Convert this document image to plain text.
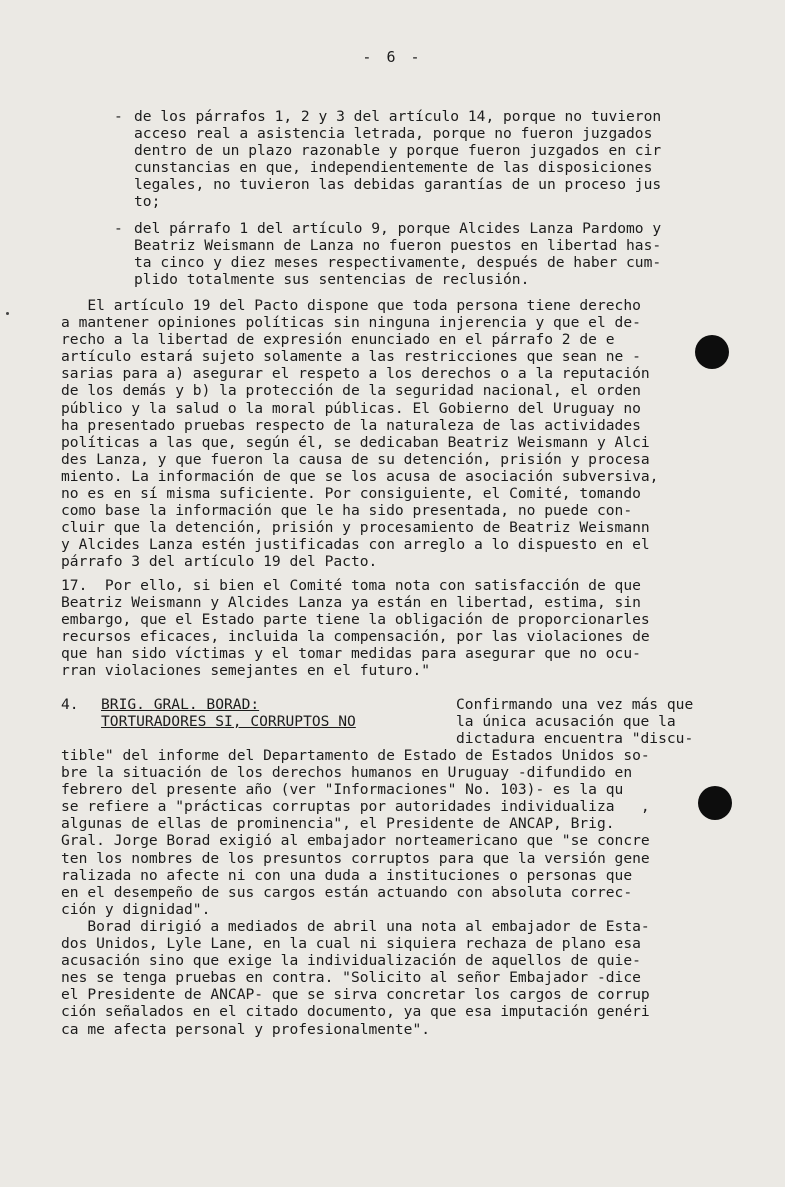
- 6 -
- de los párrafos 1, 2 y 3 del artículo 14, porque no tuvieron
acceso real a asistencia letrada, porque no fueron juzgados
dentro de un plazo razonable y porque fueron juzgados en cir
cunstancias en que, independientemente de las disposiciones
legales, no tuvieron las debidas garantías de un proceso jus
to;
- del párrafo 1 del artículo 9, porque Alcides Lanza Pardomo y
Beatriz Weismann de Lanza no fueron puestos en libertad has-
ta cinco y diez meses respectivamente, después de haber cum-
plido totalmente sus sentencias de reclusión.
El artículo 19 del Pacto dispone que toda persona tiene derecho
a mantener opiniones políticas sin ninguna injerencia y que el de-
recho a la libertad de expresión enunciado en el párrafo 2 de e
artículo estará sujeto solamente a las restricciones que sean ne -
sarias para a) asegurar el respeto a los derechos o a la reputación
de los demás y b) la protección de la seguridad nacional, el orden
público y la salud o la moral públicas. El Gobierno del Uruguay no
ha presentado pruebas respecto de la naturaleza de las actividades
políticas a las que, según él, se dedicaban Beatriz Weismann y Alci
des Lanza, y que fueron la causa de su detención, prisión y procesa
miento. La información de que se los acusa de asociación subversiva,
no es en sí misma suficiente. Por consiguiente, el Comité, tomando
como base la información que le ha sido presentada, no puede con-
cluir que la detención, prisión y procesamiento de Beatriz Weismann
y Alcides Lanza estén justificadas con arreglo a lo dispuesto en el
párrafo 3 del artículo 19 del Pacto.
17.  Por ello, si bien el Comité toma nota con satisfacción de que
Beatriz Weismann y Alcides Lanza ya están en libertad, estima, sin
embargo, que el Estado parte tiene la obligación de proporcionarles
recursos eficaces, incluida la compensación, por las violaciones de
que han sido víctimas y el tomar medidas para asegurar que no ocu-
rran violaciones semejantes en el futuro."
4. BRIG. GRAL. BORAD:
TORTURADORES SI, CORRUPTOS NO
Confirmando una vez más que
la única acusación que la
dictadura encuentra "discu-
tible" del informe del Departamento de Estado de Estados Unidos so-
bre la situación de los derechos humanos en Uruguay -difundido en
febrero del presente año (ver "Informaciones" No. 103)- es la qu
se refiere a "prácticas corruptas por autoridades individualiza   ,
algunas de ellas de prominencia", el Presidente de ANCAP, Brig.
Gral. Jorge Borad exigió al embajador norteamericano que "se concre
ten los nombres de los presuntos corruptos para que la versión gene
ralizada no afecte ni con una duda a instituciones o personas que
en el desempeño de sus cargos están actuando con absoluta correc-
ción y dignidad".
Borad dirigió a mediados de abril una nota al embajador de Esta-
dos Unidos, Lyle Lane, en la cual ni siquiera rechaza de plano esa
acusación sino que exige la individualización de aquellos de quie-
nes se tenga pruebas en contra. "Solicito al señor Embajador -dice
el Presidente de ANCAP- que se sirva concretar los cargos de corrup
ción señalados en el citado documento, ya que esa imputación genéri
ca me afecta personal y profesionalmente".
